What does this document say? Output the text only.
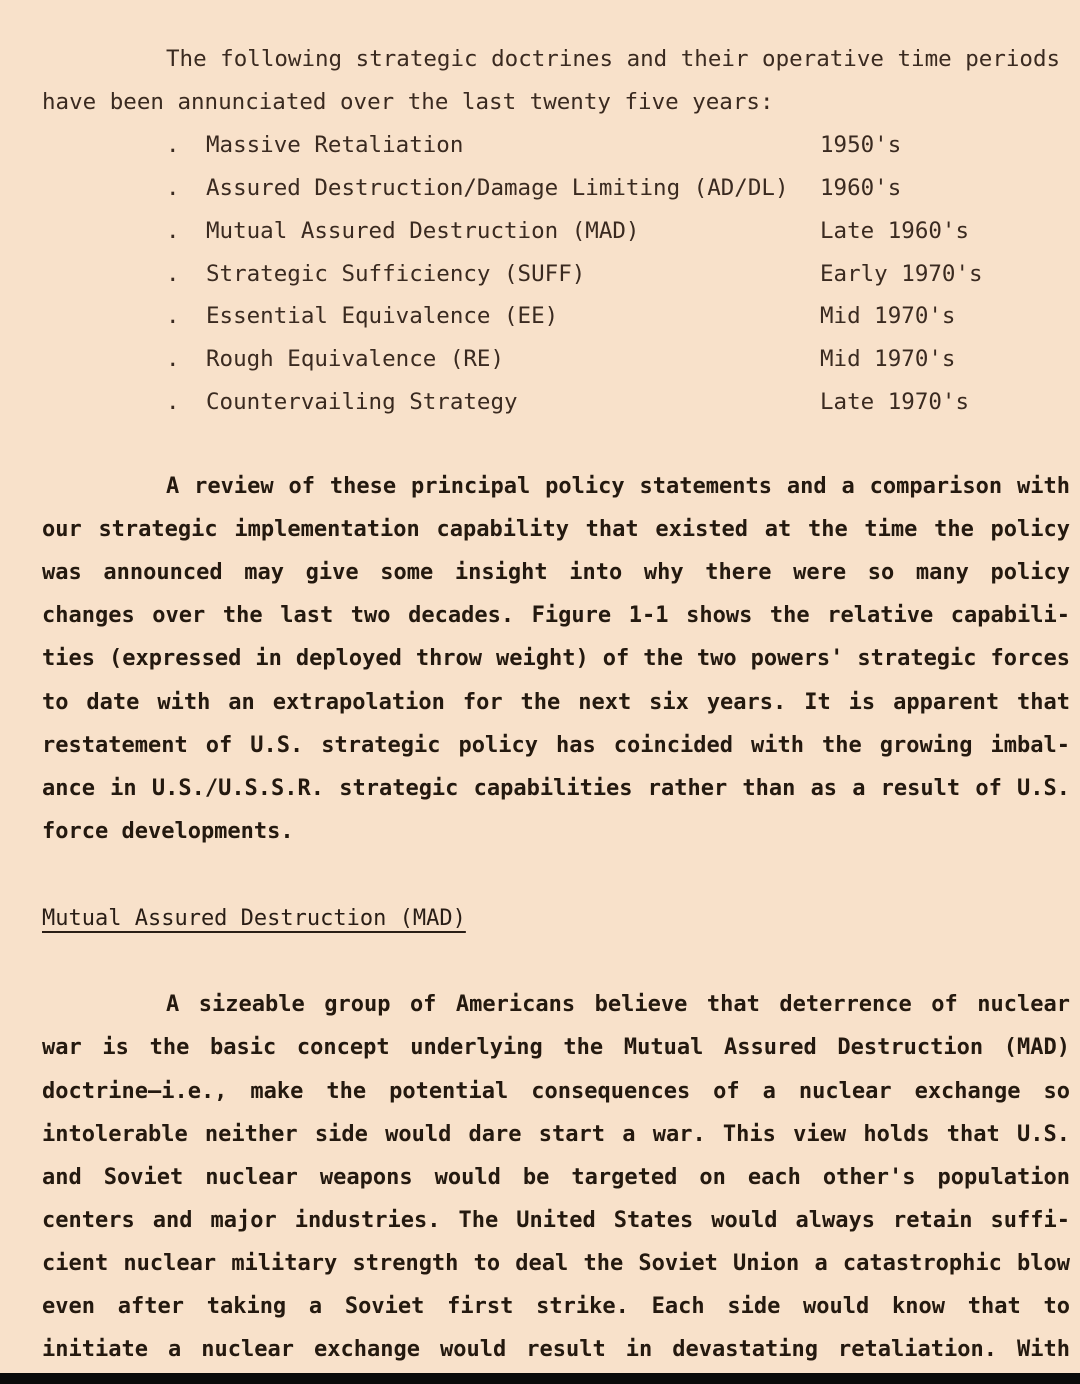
The following strategic doctrines and their operative time periods
have been annunciated over the last twenty five years:
. Massive Retaliation	1950's
. Assured Destruction/Damage Limiting (AD/DL) 1960's
. Mutual Assured Destruction (MAD)	Late 1960's
. Strategic Sufficiency (SUFF)	Early 1970's
. Essential Equivalence (EE)	Mid 1970's
. Rough Equivalence (RE)	Mid 1970's
. Countervailing Strategy	Late 1970's
A review of these principal policy statements and a comparison with
our strategic implementation capability that existed at the time the policy
was announced may give some insight into why there were so many policy
changes over the last two decades. Figure 1-1 shows the relative capabili-
ties (expressed in deployed throw weight) of the two powers' strategic forces
to date with an extrapolation for the next six years. It is apparent that
restatement of U.S. strategic policy has coincided with the growing imbal-
ance in U.S./U.S.S.R. strategic capabilities rather than as a result of U.S.
force developments.
Mutual Assured Destruction (MAD)
A sizeable group of Americans believe that deterrence of nuclear
war is the basic concept underlying the Mutual Assured Destruction (MAD)
doctrine—i.e., make the potential consequences of a nuclear exchange so
intolerable neither side would dare start a war. This view holds that U.S.
and Soviet nuclear weapons would be targeted on each other's population
centers and major industries. The United States would always retain suffi-
cient nuclear military strength to deal the Soviet Union a catastrophic blow
even after taking a Soviet first strike. Each side would know that to
initiate a nuclear exchange would result in devastating retaliation. With
